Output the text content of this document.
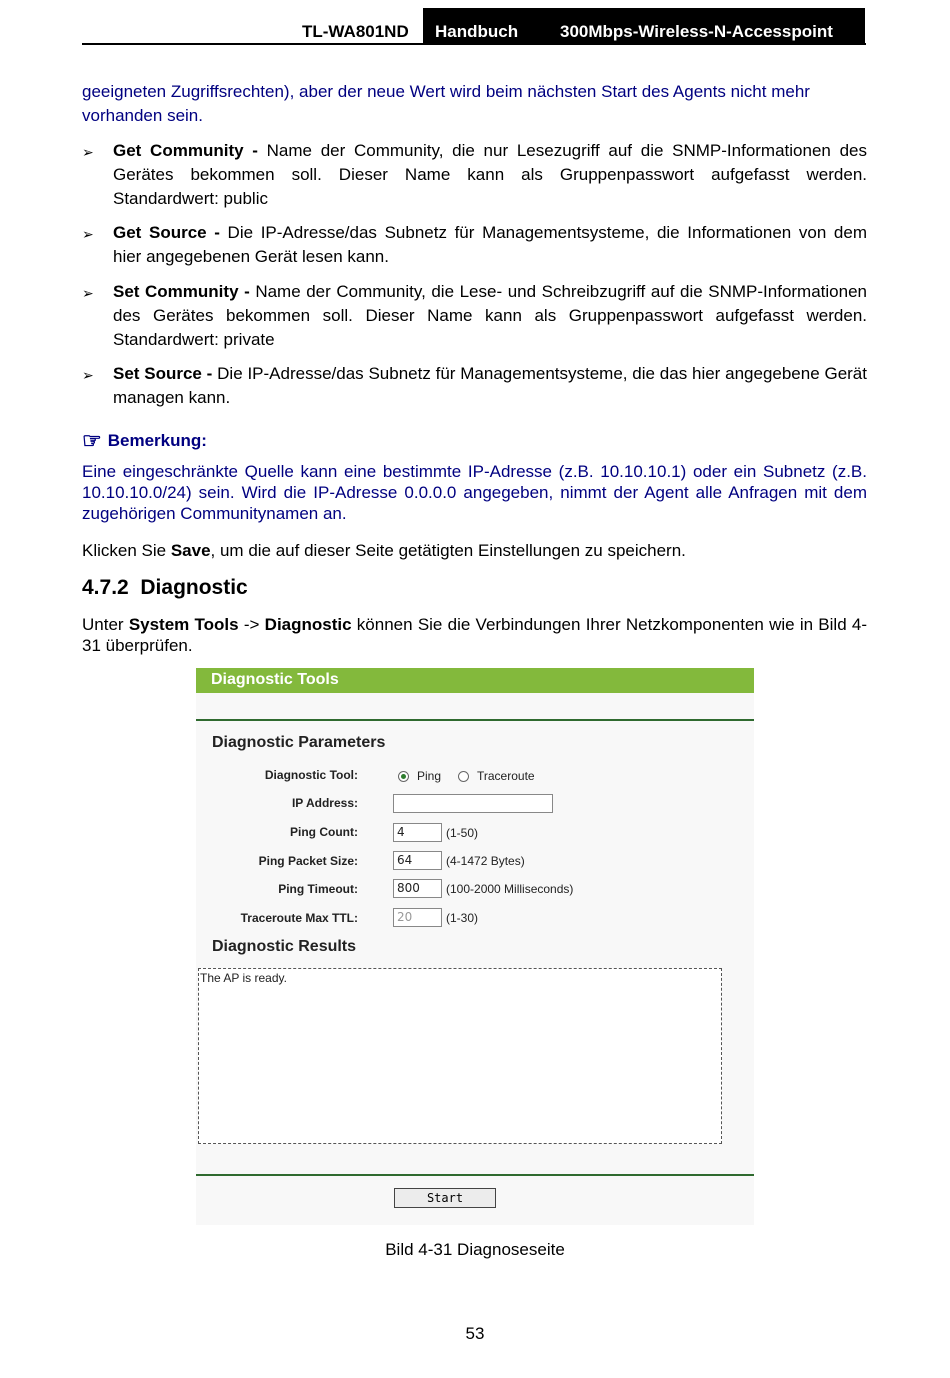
TL-WA801ND Handbuch 300Mbps-Wireless-N-Accesspoint
geeigneten Zugriffsrechten), aber der neue Wert wird beim nächsten Start des Agents nicht mehr vorhanden sein.
➢ Get Community - Name der Community, die nur Lesezugriff auf die SNMP-Informationen des Gerätes bekommen soll. Dieser Name kann als Gruppenpasswort aufgefasst werden. Standardwert: public
➢ Get Source - Die IP-Adresse/das Subnetz für Managementsysteme, die Informationen von dem hier angegebenen Gerät lesen kann.
➢ Set Community - Name der Community, die Lese- und Schreibzugriff auf die SNMP-Informationen des Gerätes bekommen soll. Dieser Name kann als Gruppenpasswort aufgefasst werden. Standardwert: private
➢ Set Source - Die IP-Adresse/das Subnetz für Managementsysteme, die das hier angegebene Gerät managen kann.
☞ Bemerkung:
Eine eingeschränkte Quelle kann eine bestimmte IP-Adresse (z.B. 10.10.10.1) oder ein Subnetz (z.B. 10.10.10.0/24) sein. Wird die IP-Adresse 0.0.0.0 angegeben, nimmt der Agent alle Anfragen mit dem zugehörigen Communitynamen an.
Klicken Sie Save, um die auf dieser Seite getätigten Einstellungen zu speichern.
4.7.2 Diagnostic
Unter System Tools -> Diagnostic können Sie die Verbindungen Ihrer Netzkomponenten wie in Bild 4-31 überprüfen.
Diagnostic Tools
Diagnostic Parameters
Diagnostic Tool:	Ping	Traceroute
IP Address:
Ping Count:	4	(1-50)
Ping Packet Size:	64	(4-1472 Bytes)
Ping Timeout:	800	(100-2000 Milliseconds)
Traceroute Max TTL:	20	(1-30)
Diagnostic Results
The AP is ready.
Start
Bild 4-31 Diagnoseseite
53
